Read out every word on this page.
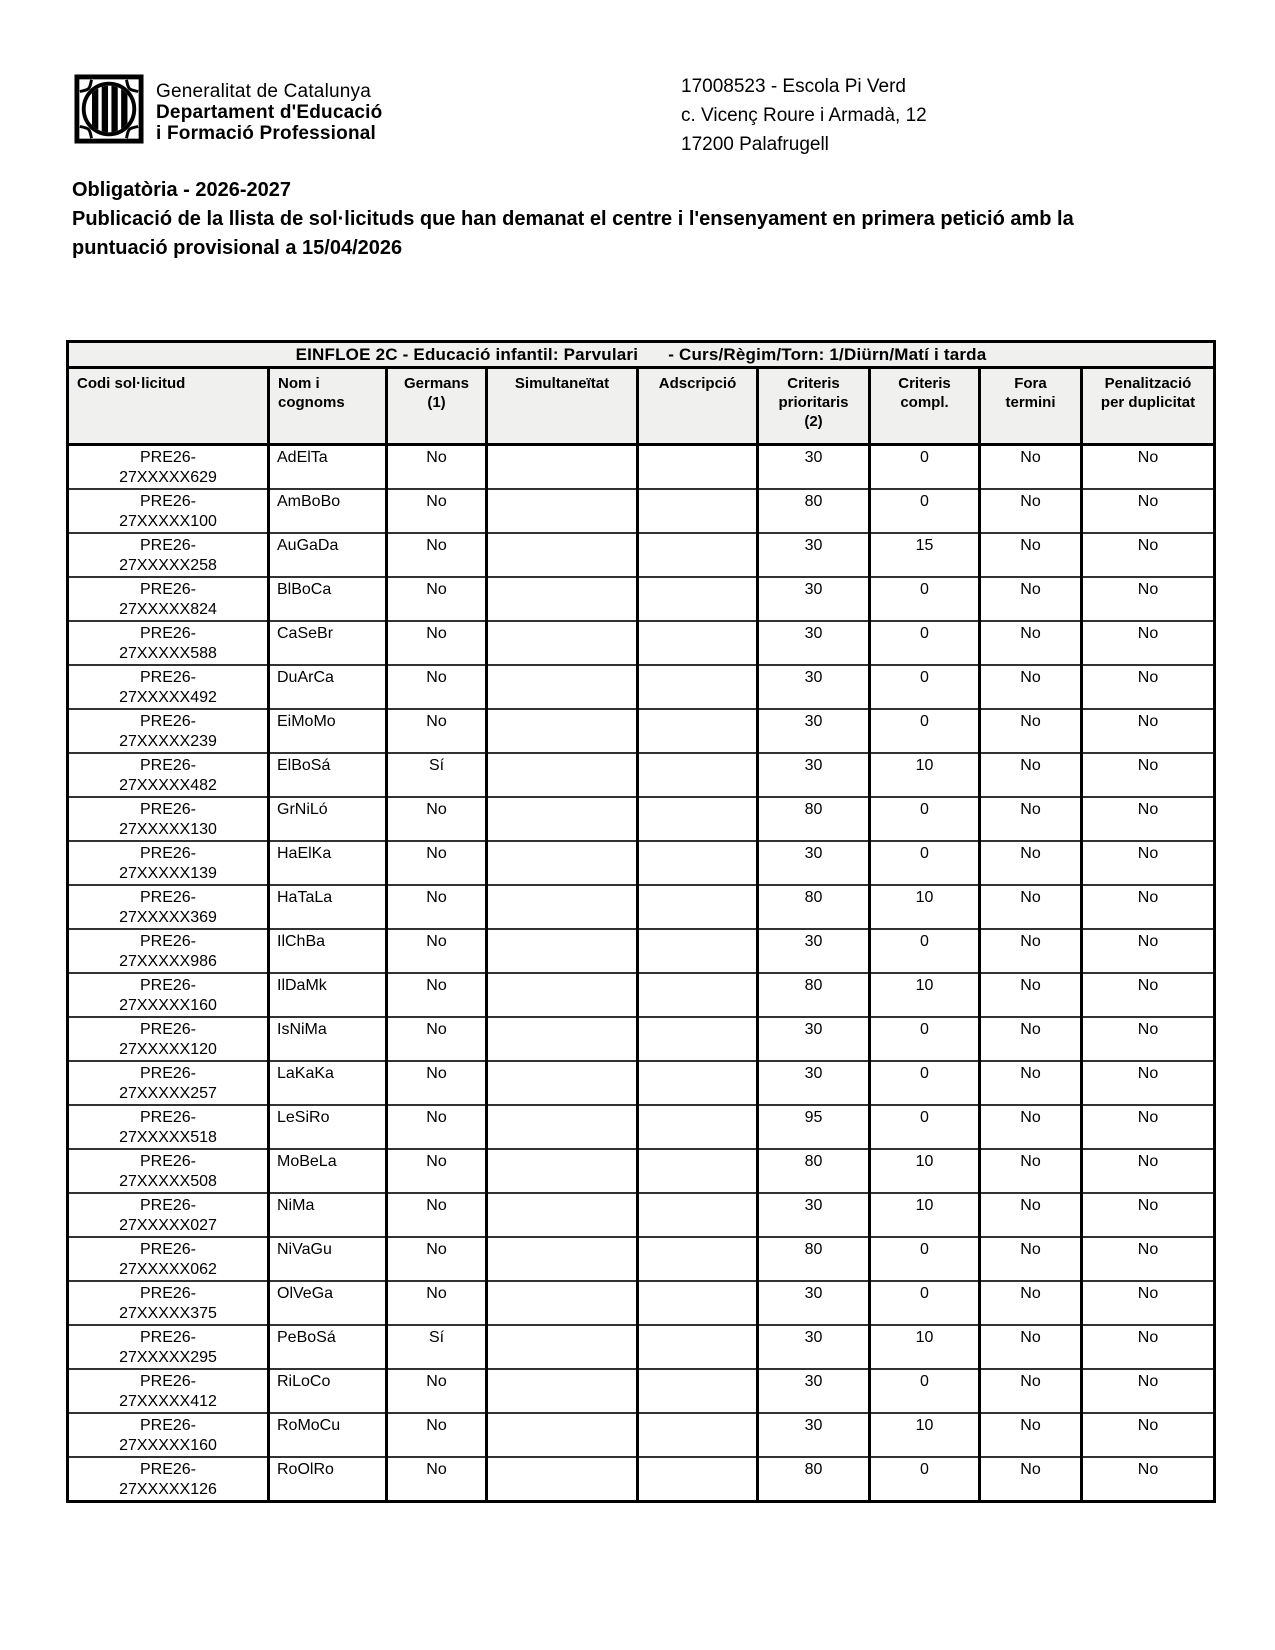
Generalitat de Catalunya
Departament d'Educació
i Formació Professional
17008523 - Escola Pi Verd
c. Vicenç Roure i Armadà, 12
17200 Palafrugell
Obligatòria - 2026-2027
Publicació de la llista de sol·licituds que han demanat el centre i l'ensenyament en primera petició amb la puntuació provisional a 15/04/2026
EINFLOE 2C - Educació infantil: Parvulari - Curs/Règim/Torn: 1/Diürn/Matí i tarda								
Codi sol·licitud	Nom i cognoms	Germans (1)	Simultaneïtat	Adscripció	Criteris prioritaris (2)	Criteris compl.	Fora termini	Penalització per duplicitat
PRE26-27XXXXX629	AdElTa	No			30	0	No	No
PRE26-27XXXXX100	AmBoBo	No			80	0	No	No
PRE26-27XXXXX258	AuGaDa	No			30	15	No	No
PRE26-27XXXXX824	BlBoCa	No			30	0	No	No
PRE26-27XXXXX588	CaSeBr	No			30	0	No	No
PRE26-27XXXXX492	DuArCa	No			30	0	No	No
PRE26-27XXXXX239	EiMoMo	No			30	0	No	No
PRE26-27XXXXX482	ElBoSá	Sí			30	10	No	No
PRE26-27XXXXX130	GrNiLó	No			80	0	No	No
PRE26-27XXXXX139	HaElKa	No			30	0	No	No
PRE26-27XXXXX369	HaTaLa	No			80	10	No	No
PRE26-27XXXXX986	IlChBa	No			30	0	No	No
PRE26-27XXXXX160	IlDaMk	No			80	10	No	No
PRE26-27XXXXX120	IsNiMa	No			30	0	No	No
PRE26-27XXXXX257	LaKaKa	No			30	0	No	No
PRE26-27XXXXX518	LeSiRo	No			95	0	No	No
PRE26-27XXXXX508	MoBeLa	No			80	10	No	No
PRE26-27XXXXX027	NiMa	No			30	10	No	No
PRE26-27XXXXX062	NiVaGu	No			80	0	No	No
PRE26-27XXXXX375	OlVeGa	No			30	0	No	No
PRE26-27XXXXX295	PeBoSá	Sí			30	10	No	No
PRE26-27XXXXX412	RiLoCo	No			30	0	No	No
PRE26-27XXXXX160	RoMoCu	No			30	10	No	No
PRE26-27XXXXX126	RoOlRo	No			80	0	No	No
